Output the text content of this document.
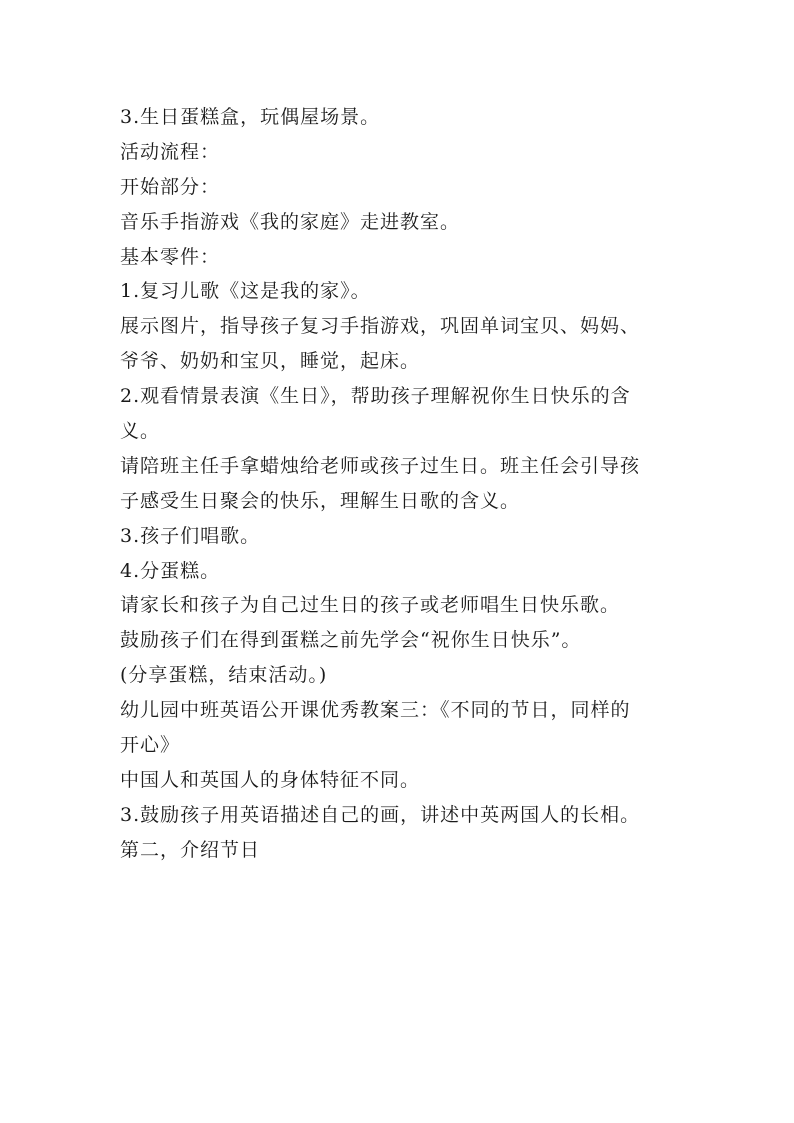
3.生日蛋糕盒，玩偶屋场景。
活动流程：
开始部分：
音乐手指游戏《我的家庭》走进教室。
基本零件：
1.复习儿歌《这是我的家》。
展示图片，指导孩子复习手指游戏，巩固单词宝贝、妈妈、
爷爷、奶奶和宝贝，睡觉，起床。
2.观看情景表演《生日》，帮助孩子理解祝你生日快乐的含
义。
请陪班主任手拿蜡烛给老师或孩子过生日。班主任会引导孩
子感受生日聚会的快乐，理解生日歌的含义。
3.孩子们唱歌。
4.分蛋糕。
请家长和孩子为自己过生日的孩子或老师唱生日快乐歌。
鼓励孩子们在得到蛋糕之前先学会“祝你生日快乐”。
(分享蛋糕，结束活动。)
幼儿园中班英语公开课优秀教案三：《不同的节日，同样的
开心》
中国人和英国人的身体特征不同。
3.鼓励孩子用英语描述自己的画，讲述中英两国人的长相。
第二，介绍节日
